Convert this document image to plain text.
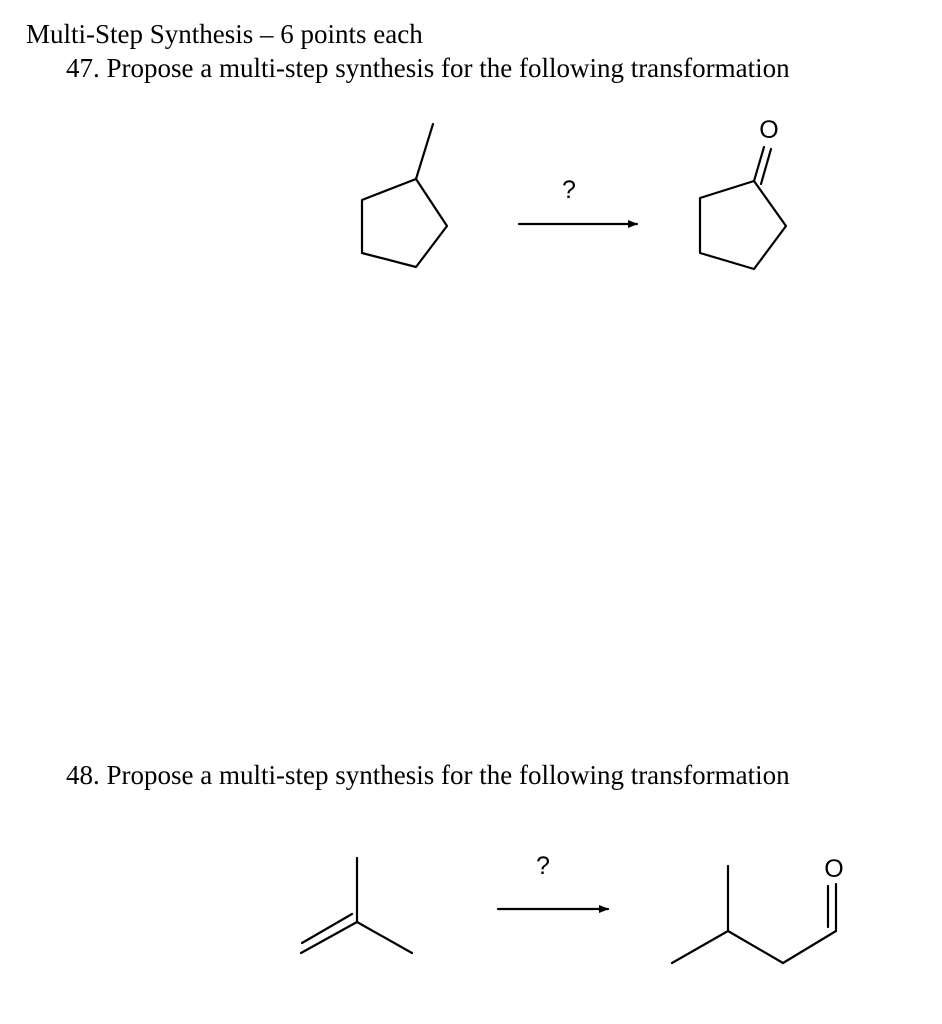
Multi-Step Synthesis – 6 points each
47. Propose a multi-step synthesis for the following transformation
48. Propose a multi-step synthesis for the following transformation
?
O
?	O
